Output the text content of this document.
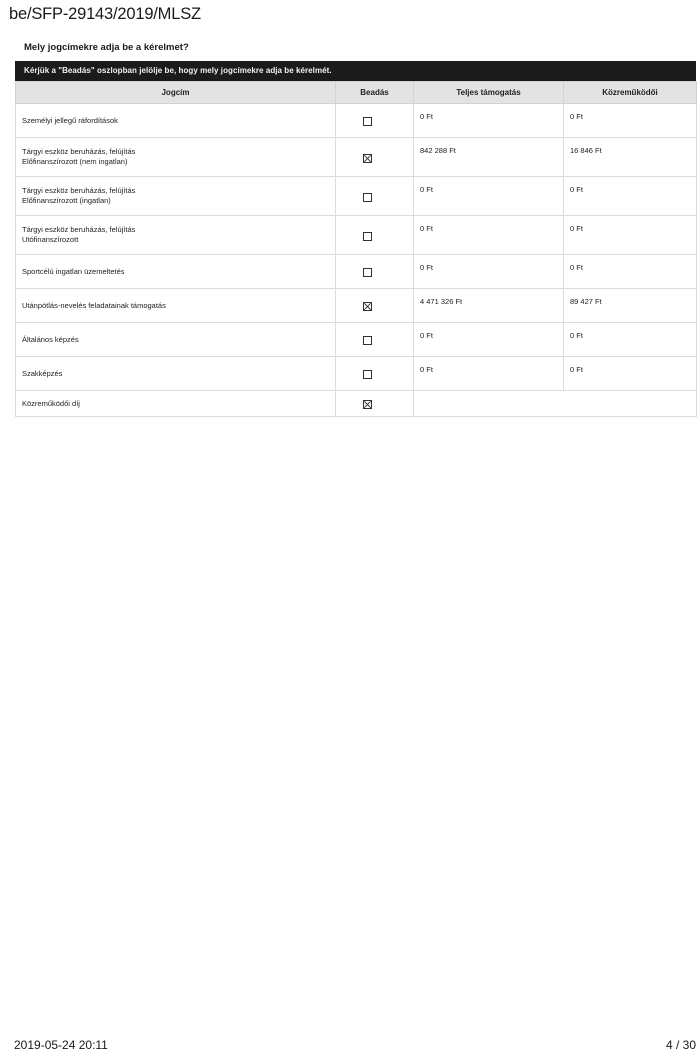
be/SFP-29143/2019/MLSZ
Mely jogcímekre adja be a kérelmet?
Kérjük a "Beadás" oszlopban jelölje be, hogy mely jogcímekre adja be kérelmét.
Jogcím	Beadás	Teljes támogatás	Közreműködői

Személyi jellegű ráfordítások		0 Ft	0 Ft

Tárgyi eszköz beruházás, felújítás
Előfinanszírozott (nem ingatlan)		842 288 Ft	16 846 Ft

Tárgyi eszköz beruházás, felújítás
Előfinanszírozott (ingatlan)		0 Ft	0 Ft

Tárgyi eszköz beruházás, felújítás
Utófinanszírozott		0 Ft	0 Ft

Sportcélú ingatlan üzemeltetés		0 Ft	0 Ft

Utánpótlás-nevelés feladatainak támogatás		4 471 326 Ft	89 427 Ft

Általános képzés		0 Ft	0 Ft

Szakképzés		0 Ft	0 Ft

Közreműködői díj			

2019-05-24 20:11	4 / 30
